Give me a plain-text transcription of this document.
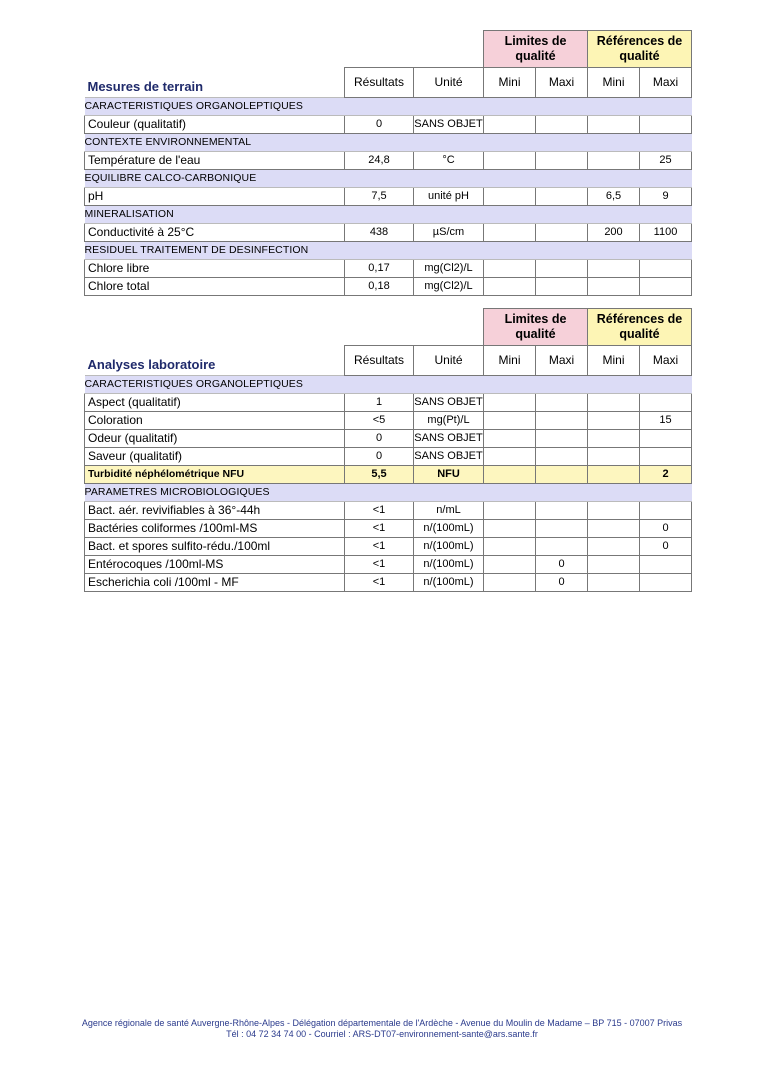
			Limites de qualité		Références de qualité	
Mesures de terrain	Résultats	Unité	Mini	Maxi	Mini	Maxi
CARACTERISTIQUES ORGANOLEPTIQUES						
Couleur (qualitatif)	0	SANS OBJET				
CONTEXTE ENVIRONNEMENTAL						
Température de l'eau	24,8	°C				25
EQUILIBRE CALCO-CARBONIQUE						
pH	7,5	unité pH			6,5	9
MINERALISATION						
Conductivité à 25°C	438	µS/cm			200	1100
RESIDUEL TRAITEMENT DE DESINFECTION						
Chlore libre	0,17	mg(Cl2)/L				
Chlore total	0,18	mg(Cl2)/L				
			Limites de qualité		Références de qualité	
Analyses laboratoire	Résultats	Unité	Mini	Maxi	Mini	Maxi
CARACTERISTIQUES ORGANOLEPTIQUES						
Aspect (qualitatif)	1	SANS OBJET				
Coloration	<5	mg(Pt)/L				15
Odeur (qualitatif)	0	SANS OBJET				
Saveur (qualitatif)	0	SANS OBJET				
Turbidité néphélométrique NFU	5,5	NFU				2
PARAMETRES MICROBIOLOGIQUES						
Bact. aér. revivifiables à 36°-44h	<1	n/mL				
Bactéries coliformes /100ml-MS	<1	n/(100mL)				0
Bact. et spores sulfito-rédu./100ml	<1	n/(100mL)				0
Entérocoques /100ml-MS	<1	n/(100mL)		0		
Escherichia coli /100ml - MF	<1	n/(100mL)		0		
Agence régionale de santé Auvergne-Rhône-Alpes - Délégation départementale de l'Ardèche - Avenue du Moulin de Madame – BP 715 - 07007 Privas
Tél : 04 72 34 74 00 - Courriel : ARS-DT07-environnement-sante@ars.sante.fr
